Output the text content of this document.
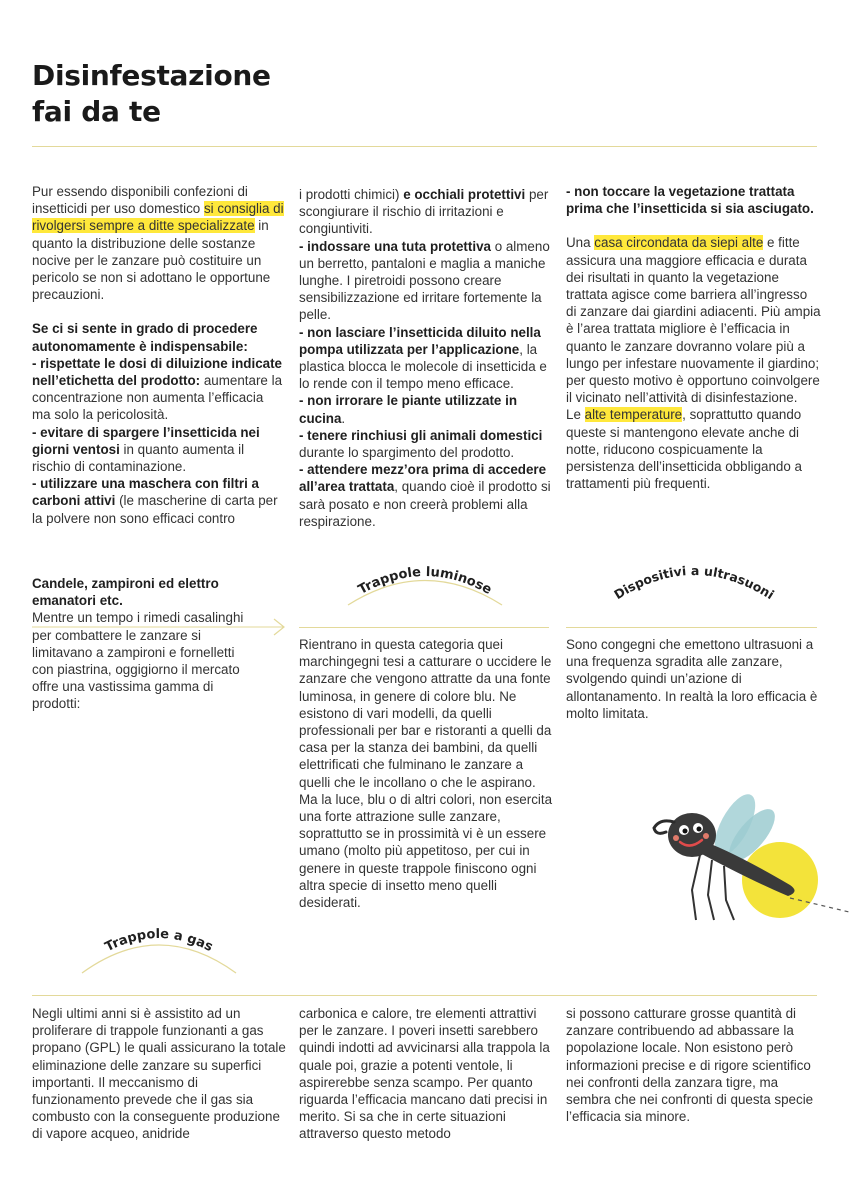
Disinfestazione
fai da te

Pur essendo disponibili confezioni di insetticidi per uso domestico si consiglia di rivolgersi sempre a ditte specializzate in quanto la distribuzione delle sostanze nocive per le zanzare può costituire un pericolo se non si adottano le opportune precauzioni.

Se ci si sente in grado di procedere autonomamente è indispensabile:
- rispettate le dosi di diluizione indicate nell’etichetta del prodotto: aumentare la concentrazione non aumenta l’efficacia ma solo la pericolosità.
- evitare di spargere l’insetticida nei giorni ventosi in quanto aumenta il rischio di contaminazione.
- utilizzare una maschera con filtri a carboni attivi (le mascherine di carta per la polvere non sono efficaci contro

i prodotti chimici) e occhiali protettivi per scongiurare il rischio di irritazioni e congiuntiviti.
- indossare una tuta protettiva o almeno un berretto, pantaloni e maglia a maniche lunghe. I piretroidi possono creare sensibilizzazione ed irritare fortemente la pelle.
- non lasciare l’insetticida diluito nella pompa utilizzata per l’applicazione, la plastica blocca le molecole di insetticida e lo rende con il tempo meno efficace.
- non irrorare le piante utilizzate in cucina.
- tenere rinchiusi gli animali domestici durante lo spargimento del prodotto.
- attendere mezz’ora prima di accedere all’area trattata, quando cioè il prodotto si sarà posato e non creerà problemi alla respirazione.

- non toccare la vegetazione trattata prima che l’insetticida si sia asciugato.

Una casa circondata da siepi alte e fitte assicura una maggiore efficacia e durata dei risultati in quanto la vegetazione trattata agisce come barriera all’ingresso di zanzare dai giardini adiacenti. Più ampia è l’area trattata migliore è l’efficacia in quanto le zanzare dovranno volare più a lungo per infestare nuovamente il giardino; per questo motivo è opportuno coinvolgere il vicinato nell’attività di disinfestazione.
Le alte temperature, soprattutto quando queste si mantengono elevate anche di notte, riducono cospicuamente la persistenza dell’insetticida obbligando a trattamenti più frequenti.

Candele, zampironi ed elettro emanatori etc.

Mentre un tempo i rimedi casalinghi per combattere le zanzare si limitavano a zampironi e fornelletti con piastrina, oggigiorno il mercato offre una vastissima gamma di prodotti:

Trappole luminose	Dispositivi a ultrasuoni
Rientrano in questa categoria quei marchingegni tesi a catturare o uccidere le zanzare che vengono attratte da una fonte luminosa, in genere di colore blu. Ne esistono di vari modelli, da quelli professionali per bar e ristoranti a quelli da casa per la stanza dei bambini, da quelli elettrificati che fulminano le zanzare a quelli che le incollano o che le aspirano. Ma la luce, blu o di altri colori, non esercita una forte attrazione sulle zanzare, soprattutto se in prossimità vi è un essere umano (molto più appetitoso, per cui in genere in queste trappole finiscono ogni altra specie di insetto meno quelli desiderati.
Sono congegni che emettono ultrasuoni a una frequenza sgradita alle zanzare, svolgendo quindi un’azione di allontanamento. In realtà la loro efficacia è molto limitata.
Trappole a gas
Negli ultimi anni si è assistito ad un proliferare di trappole funzionanti a gas propano (GPL) le quali assicurano la totale eliminazione delle zanzare su superfici importanti. Il meccanismo di funzionamento prevede che il gas sia combusto con la conseguente produzione di vapore acqueo, anidride
carbonica e calore, tre elementi attrattivi per le zanzare. I poveri insetti sarebbero quindi indotti ad avvicinarsi alla trappola la quale poi, grazie a potenti ventole, li aspirerebbe senza scampo. Per quanto riguarda l’efficacia mancano dati precisi in merito. Si sa che in certe situazioni attraverso questo metodo
si possono catturare grosse quantità di zanzare contribuendo ad abbassare la popolazione locale. Non esistono però informazioni precise e di rigore scientifico nei confronti della zanzara tigre, ma sembra che nei confronti di questa specie l’efficacia sia minore.
